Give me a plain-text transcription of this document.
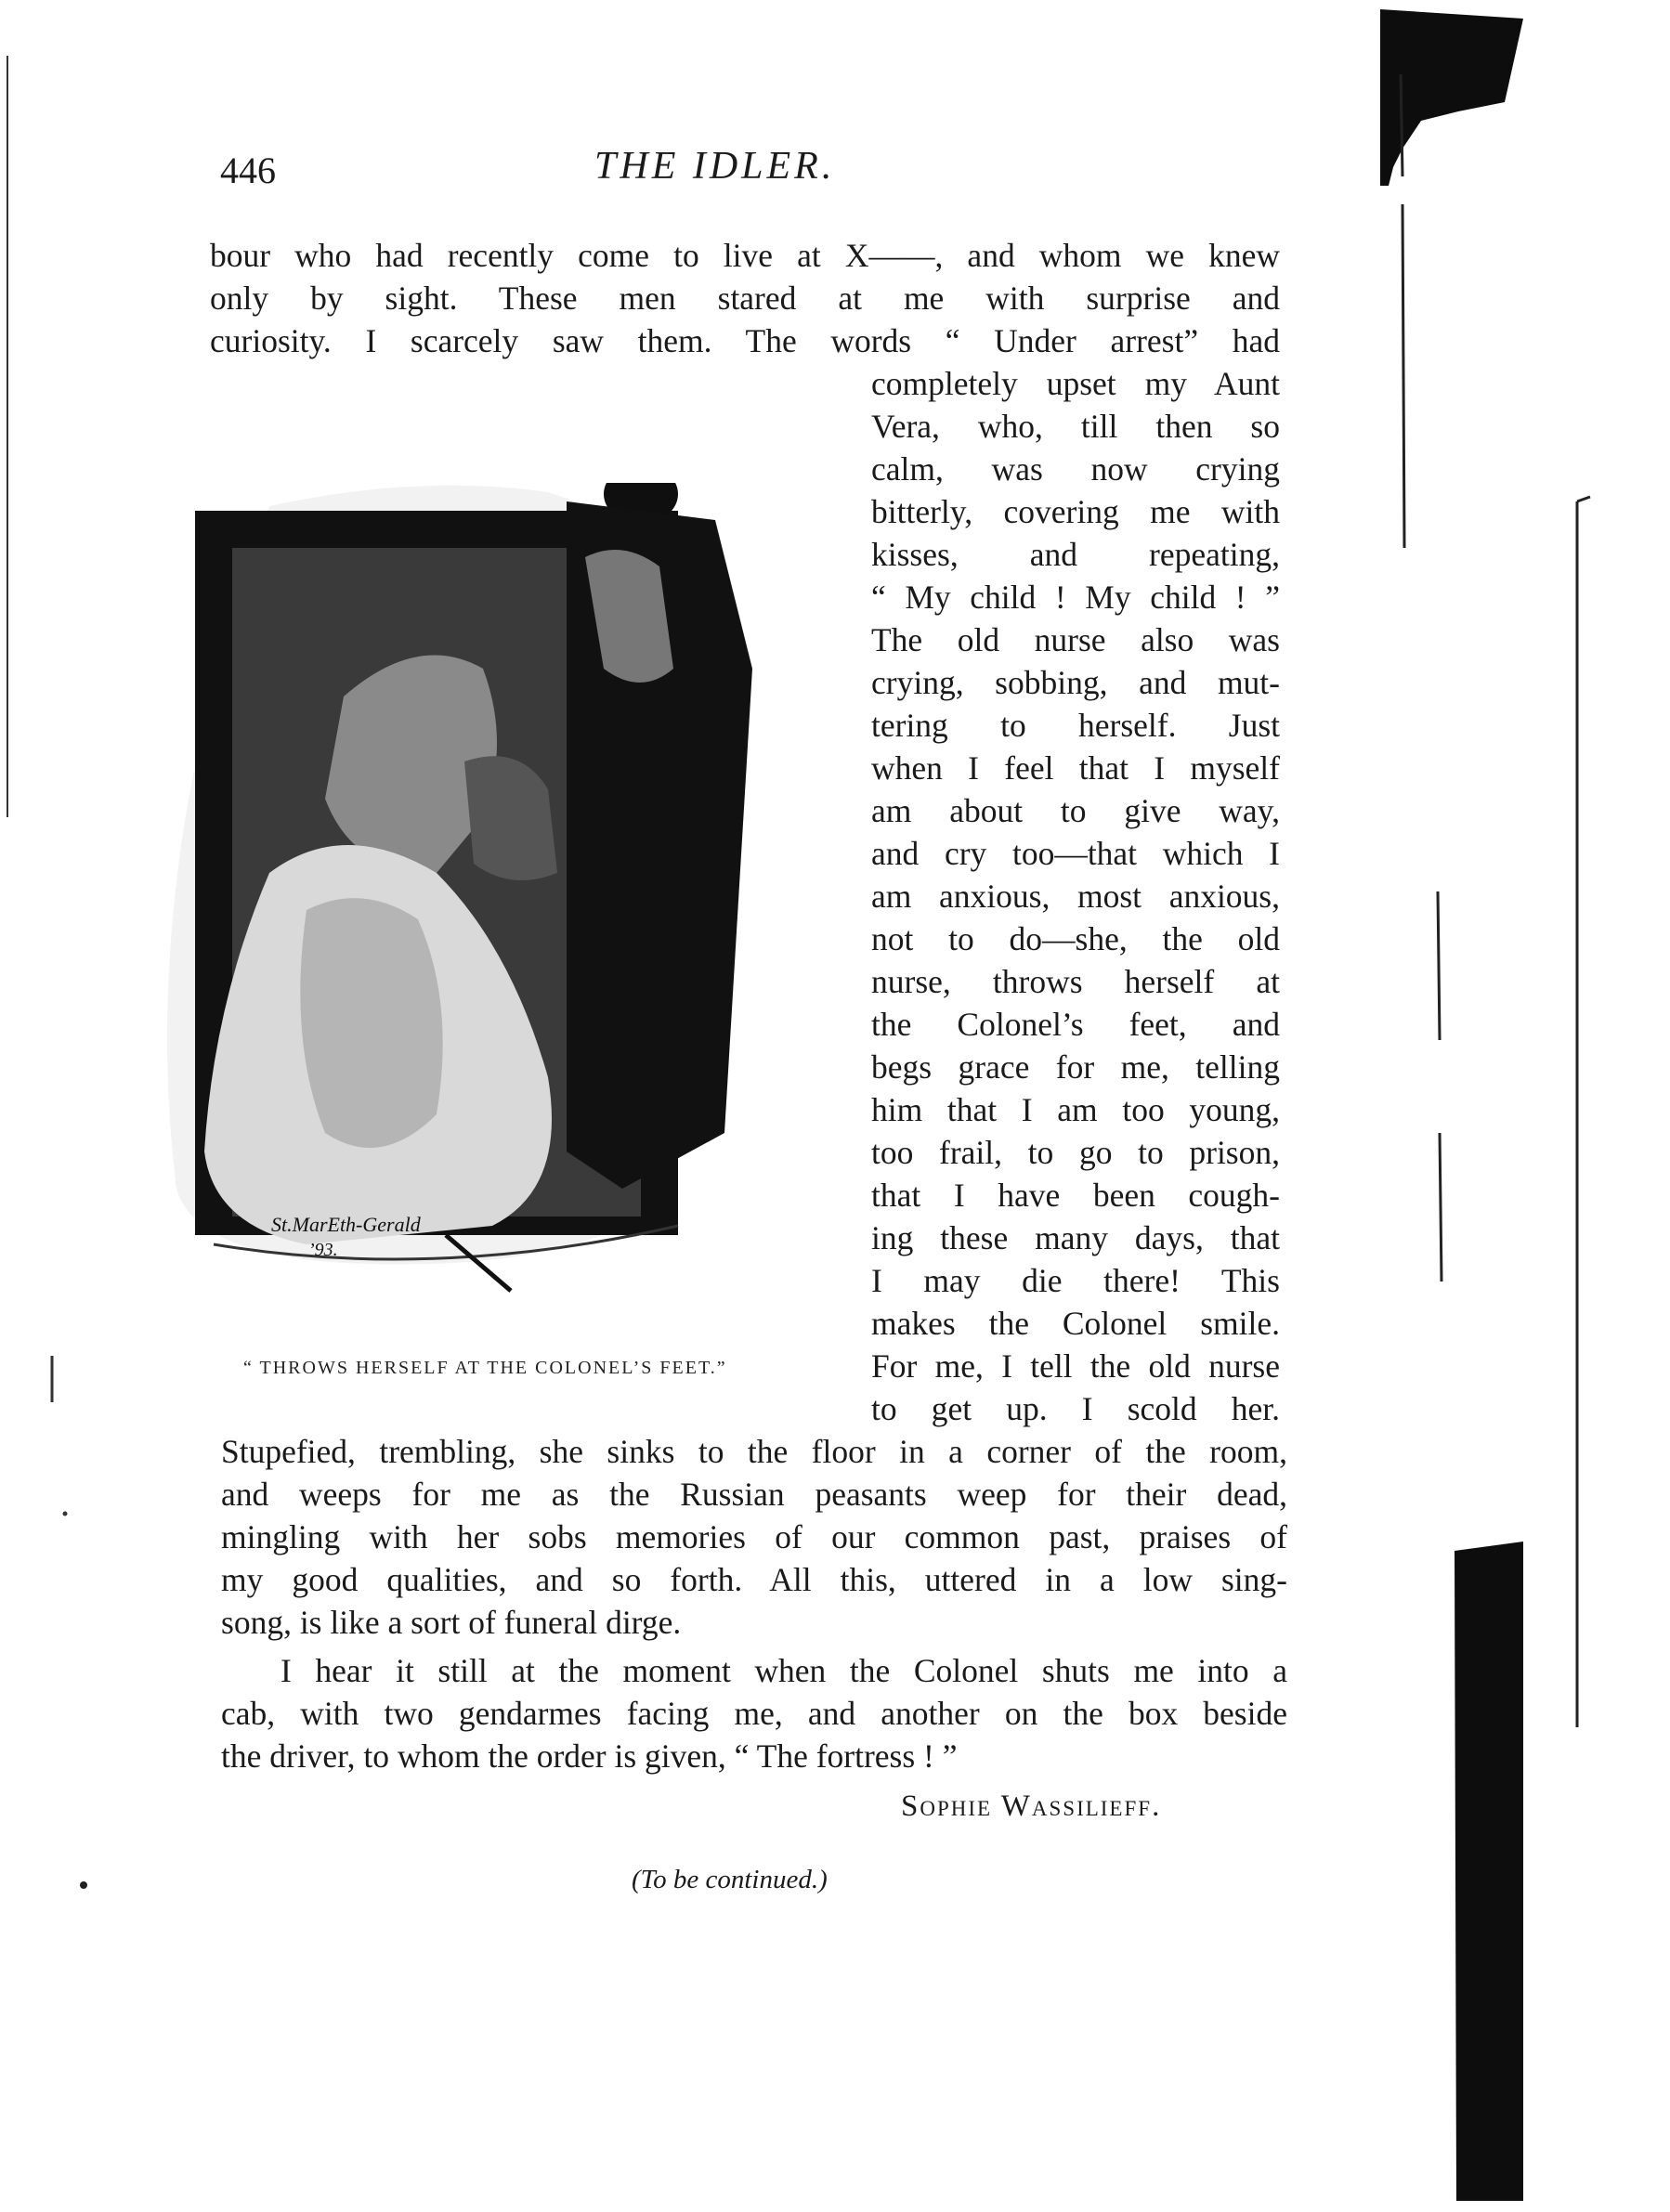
446	THE IDLER.
bour who had recently come to live at X——, and whom we knew
only by sight. These men stared at me with surprise and
curiosity. I scarcely saw them. The words “ Under arrest” had
St.MarEth-Gerald
’93.
“ THROWS HERSELF AT THE COLONEL’S FEET.”
completely upset my Aunt
Vera, who, till then so
calm, was now crying
bitterly, covering me with
kisses, and repeating,
“ My child ! My child ! ”
The old nurse also was
crying, sobbing, and mut-
tering to herself. Just
when I feel that I myself
am about to give way,
and cry too—that which I
am anxious, most anxious,
not to do—she, the old
nurse, throws herself at
the Colonel’s feet, and
begs grace for me, telling
him that I am too young,
too frail, to go to prison,
that I have been cough-
ing these many days, that
I may die there! This
makes the Colonel smile.
For me, I tell the old nurse
to get up. I scold her.
Stupefied, trembling, she sinks to the floor in a corner of the room,
and weeps for me as the Russian peasants weep for their dead,
mingling with her sobs memories of our common past, praises of
my good qualities, and so forth. All this, uttered in a low sing-
song, is like a sort of funeral dirge.
I hear it still at the moment when the Colonel shuts me into a
cab, with two gendarmes facing me, and another on the box beside
the driver, to whom the order is given, “ The fortress ! ”
Sophie Wassilieff.
(To be continued.)
